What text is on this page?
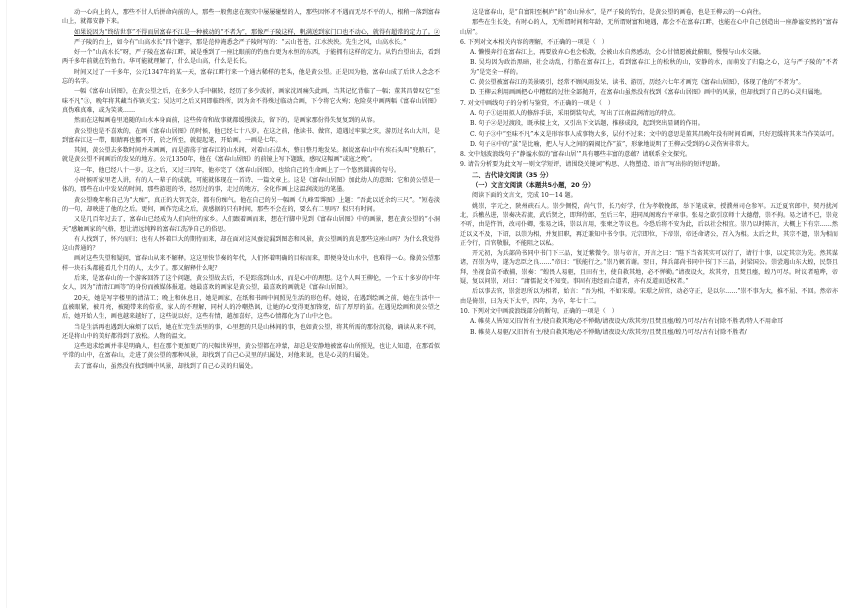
动一心向上的人，那些不甘人后拼命向前的人，那些一般焦虑在现实中屡屡碰壁的人，那些因怀才不遇而无尽不平的人，根稍一落到富春山上，就都安静下来。

如果说因为“终结世事”不得而居富春不江是一种被动的“不者为”，那像严子陵这样，帆满送到家门口也不动心，就得有超常的定力了。②

严子陵的台上，如今有“山高水长”四个题字，那是范仲淹悉念严子陵时写的：“云山苍苍，江水泱泱。先生之风，山高水长。”

好一个“山高水长”呀，严子陵在富春江畔，诚是垂到了一座比眼前的钓鱼台更为永恒的东西，于能拥有这样的定力。从钓台望出去，看到两千多年前就在钓鱼台。华可能就理解了，什么是山高，什么是长长。

时间又过了一千多年，公元1347年的某一天，富春江畔行来一个通古稀样的老头，他是黄公望。正是因为他，富春山成了后世人念念不忘的名字。

一幅《富春山居图》，在黄公望之后，在多少人手中辗转，经历了多少波折，画家沈周痛失此画，当其记忆背临了一幅；董其昌曾叹它“至味不凡”③，晚年将其藏当作镇关宝；吴达可之后又同即临终所，因为舍不得殊过临动合画，下令将它火殉；危险莫中画两幅《富春山居图》真伪难真难，或为笑谈……

然而在这幅画卷里追随的山水本身面前，这些传奇和故事就都缓慢淡去，留下的，是画家那份得失复复到的从容。

黄公望也是不喜欢的，在画《富春山居图》的时候，他已经七十八岁。在这之前，他读书、做官，道遇过牢狱之灾，游历过名山大川，是到富春江这一带，眼睛再也挪不开，於之所至，就提起笔，开始画。一画是七年。

其间，黄公望去多数时间并未画画，而是游荡于富春江的山水间，对着山石草木，整日整月地发呆。据说富春山中有埃石头叫“兜粮石”，就是黄公望不间画后的发呆的地方。公元1350年，他在《富春山居图》的前镜上写下题跋，感叹这幅画“或寇之晚”。

这一年，他已经八十一岁。这之后，又过三四年，他亦完了《富春山居图》，也给自己的生命画上了一个悠然圆满的句号。

小时候听家里老人讲，有的人一辈子的成就，可能就体现在一首诗、一篇文章上。这是《富春山居图》加此幼人的意图；它和黄公望是一体的，那些在山中发呆的时间，那些游逛的爷，经历过的事，走过的地方，全化作画上这温润淡远的笔墨。

黄公望晚年称自己为“大痴”，真正的大智无奈，都有份痴气。他在自己的另一幅画《九峰雪霁图》上题：“吾此以近余约三尺”。“短卷淡的一句，却映进了他的之后。更何，画作完成之后，黄感据的只有时间，那些不会在的，要么有二里吗？似只有时间。

又是几百年过去了，富春山已经成为人们向往的家乡。人们跟着画而来，想在行脚中见到《富春山居图》中的画景，想在黄公望的“小洞天”感触画家的气格，想让清远纯粹的富春江洗净自己的俗思。

有人找到了，怀兴而归；也有人怀着巨大的期待而来，却在面对这风蚕淀漏到图态和风景，黄公望画的真是那些这座山吗？为什么我觉得这山普通的？

画对这些失望和疑问，富春山从来不解释。这这里快节奏的年代，人们怀着明确的目标而来，即便身处山水中，也难得一心。像黄公望那样一块石头都能看几个月的人，太少了。那又解释什么呢？

后来，是富春山的一个游客回答了这个问题，黄公望故去后，不是踪荡到山水，而是心中的理想。这个人叫王柳伦，一个五十多岁的中年女人，因为“清清江画等”的身份而被媒体报道。她最喜欢的画家是黄公望，最喜欢的画就是《富春山居图》。

20天，她是写字楼里的清洁工；晚上和休息日，她是画家，在纸和书画中间照见生活的形色样。她说，在遇到绘画之前，她在生活中一直被眼紧，被月亮，被随带来的俗重，家人的不理解，同村人的冷嘲热讽，让她的心变得更加锋宽，结了厚厚的茧。在遇见绘画和黄公望之后，她开始人生，画也越来越好了，这些说以好，这些有情，越加喜好，这些心情都化为了山中之色。

当是生活再也遇到大麻烦了以后，她在忙完生活里的事，心里想的只是山林间的事，也如黄公望，将其所需的那份沉稳，诵读从来不问，还是将山中的美好都得到了放松。人物的温文。

这些追求绘画并非是明确人，但在那个更加更广的尺幅世界里，黄公望都在冲蒙，却总是安静地被富春山所照见，也让人知道，在那看似平常的山中，在富春山，走进了黄公望的那种风景，却找到了自己心灵里的归属处，对他来说，也是心灵的归属处。

去了富春山，虽然没有找到画中风景，却找到了自己心灵的归属处。

这是富春山，是“自富阳至桐庐”的“奇山异水”，是严子陵的钓台，是黄公望的画卷，也是王柳云的一心向往。

那些在生长处，有时心的人，无所谓时间和年龄，无所谓财富和境遇，都会不在富春江畔，也能在心中自己创造出一座静谧安然的“富春山居”。

6. 下列对文本相关内容的理解，不正确的一项是（　）

A. 懒慢奔行在富春江上，再要放弃心也会松散，会被山水自然感动，会心甘情愿被此俯眼，慢慢与山水交融。

B. 吴均因为政治黑暗，社会动乱，行船在富春江上，看到富春江上的松秋的山，安静的水，而萌发了归隐之心，这与严子陵的“不者为”是完全一样的。

C. 黄公望被富春江的美景吸引，经常不顾风雨发呆、读书、游历，历经六七年才画完《富春山居图》，体现了他的“不者为”。

D. 王柳云利用画画把心中糟糕的过往全部抛开，在富春山虽然没有找到《富春山居图》画中的风景，但却找到了自己的心灵归属地。

7. 对文中画线句子的分析与鉴赏，不正确的一项是（　）

A. 句子①运用拟人的修辞手法，采用倒装句式，写出了江南温润清远的特点。

B. 句子②是过渡段，既承接上文，又引出下文话题，推移成段，起到突出显调的作用。

C. 句子③中“至味不凡”本义是形容事人成事物大多，层付不过来；文中的意思是董其昌晚年没有时间看画，只好迟缓将其来当作笑话可。

D. 句子④中的“茧”是比喻，把人与人之间的隔阂比作“茧”，形象地说明了王柳云受到的心灵伤害非常大。

8. 文中划波浪线句子“静谧水似的‘富春山居’”具有哪些丰富的意蕴？请联系全文探究。

9. 请告分析要为此文写一则文学短评，请围绕关键词“构思、人物塑造、语言”写出你的短评思路。

二、古代诗文阅读（35 分）

（一）文言文阅读（本题共5小题，20 分）

阅读下面的文言文，完成 10～14 题。

姚崇，字元之，陕州硖石人。崇少倜傥，尚气节，长乃好学，仕为孝敬挽郎，举下笔成章，授濮州司仓参军。五迁夏官郎中，契丹扰河北，兵檄丛进，崇奏决若流，武后贤之，即拜侍郎，至后三年，进同凤阁鸾台平章事。张易之欲引京师十大德僧，崇不拘。易之请不已，崇竟不听，由是忤旨，改司仆卿，张易之诛，崇以言用，张柬之等议也。今恐后将不安为此，后以社会相宜。崇乃以时陈言，大概上下有宗……然迁以义不及，下诏，以崇为相，并复旧职，再迁兼知中书令事。元宗即位，下帝崇，帝还命诸公，召入为相。太后之世，其宗不遗，崇为相而正令行，百官敬服，不能阻之以私。

开元初，为兵部尚书同中书门下三品，复迁紫微令。崇与帝言，开言之曰：“陛下当省其实可以行了，请行十事，以定其宗为先。然其谋诸，召崇为卑，遂为忠臣之良……”帝曰：“朕能行之。”崇乃顿首谢。翌日，拜兵部尚书同中书门下三品，封梁国公。崇尝遇山东大蝗，民祭且拜，坐视食苗不敢捕，崇奏：“蝗畏人易驱，且田有主，使自救其地，必不惮勤。”请夜设火，坎其旁，且焚且瘗，蝗乃可尽。时议者喧哗，帝疑，复以问崇，对曰：“庸儒泥文不知变。事固有违经而合道者，亦有反道而适权者。”

后以事去官，崇尝思所以为相者，始言：“吾为相，不如宋璟。宋璟之居官，动必守正，是以尔……”崇不事为大，推不屈、不回。然帝亦由是倚崇，曰为天下太平，四年，为卒，年七十二。

10. 下列对文中画波浪线部分的断句，正确的一项是（　）

A. 帷莫人皆知又旧/旨有主/使自救其地/必不惮勤/请夜设火/坎其旁/且焚且瘗/蝗乃可尽/古有讨除不胜者/特人不用命耳

B. 帷莫人易驱/又旧旨有主/使自救其地/必不惮勤/请夜设火/坎其旁/且焚且瘗/蝗乃可尽/古有讨除不胜者/
